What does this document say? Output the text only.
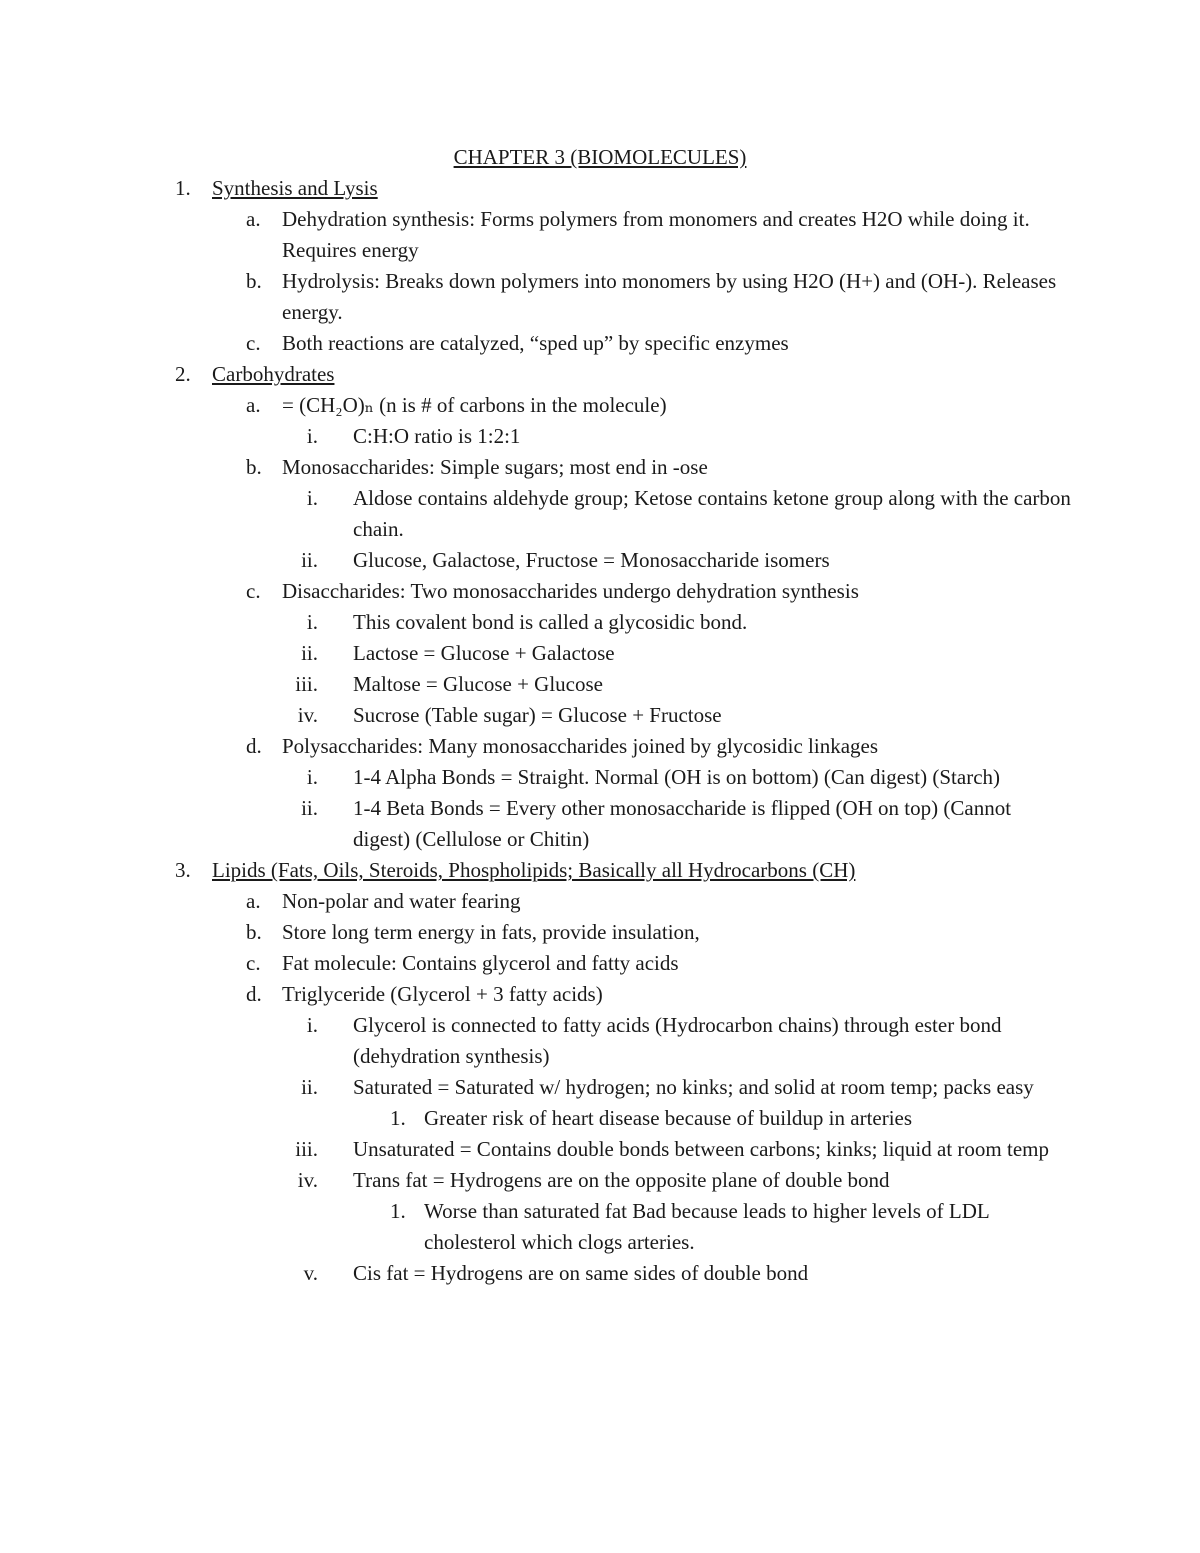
CHAPTER 3 (BIOMOLECULES)
1. Synthesis and Lysis
a. Dehydration synthesis: Forms polymers from monomers and creates H2O while doing it. Requires energy
b. Hydrolysis: Breaks down polymers into monomers by using H2O (H+) and (OH-). Releases energy.
c. Both reactions are catalyzed, “sped up” by specific enzymes
2. Carbohydrates
a. = (CH₂O)ₙ (n is # of carbons in the molecule)
i. C:H:O ratio is 1:2:1
b. Monosaccharides: Simple sugars; most end in -ose
i. Aldose contains aldehyde group; Ketose contains ketone group along with the carbon chain.
ii. Glucose, Galactose, Fructose = Monosaccharide isomers
c. Disaccharides: Two monosaccharides undergo dehydration synthesis
i. This covalent bond is called a glycosidic bond.
ii. Lactose = Glucose + Galactose
iii. Maltose = Glucose + Glucose
iv. Sucrose (Table sugar) = Glucose + Fructose
d. Polysaccharides: Many monosaccharides joined by glycosidic linkages
i. 1-4 Alpha Bonds = Straight. Normal (OH is on bottom) (Can digest) (Starch)
ii. 1-4 Beta Bonds = Every other monosaccharide is flipped (OH on top) (Cannot digest) (Cellulose or Chitin)
3. Lipids (Fats, Oils, Steroids, Phospholipids; Basically all Hydrocarbons (CH)
a. Non-polar and water fearing
b. Store long term energy in fats, provide insulation,
c. Fat molecule: Contains glycerol and fatty acids
d. Triglyceride (Glycerol + 3 fatty acids)
i. Glycerol is connected to fatty acids (Hydrocarbon chains) through ester bond (dehydration synthesis)
ii. Saturated = Saturated w/ hydrogen; no kinks; and solid at room temp; packs easy
1. Greater risk of heart disease because of buildup in arteries
iii. Unsaturated = Contains double bonds between carbons; kinks; liquid at room temp
iv. Trans fat = Hydrogens are on the opposite plane of double bond
1. Worse than saturated fat Bad because leads to higher levels of LDL cholesterol which clogs arteries.
v. Cis fat = Hydrogens are on same sides of double bond
